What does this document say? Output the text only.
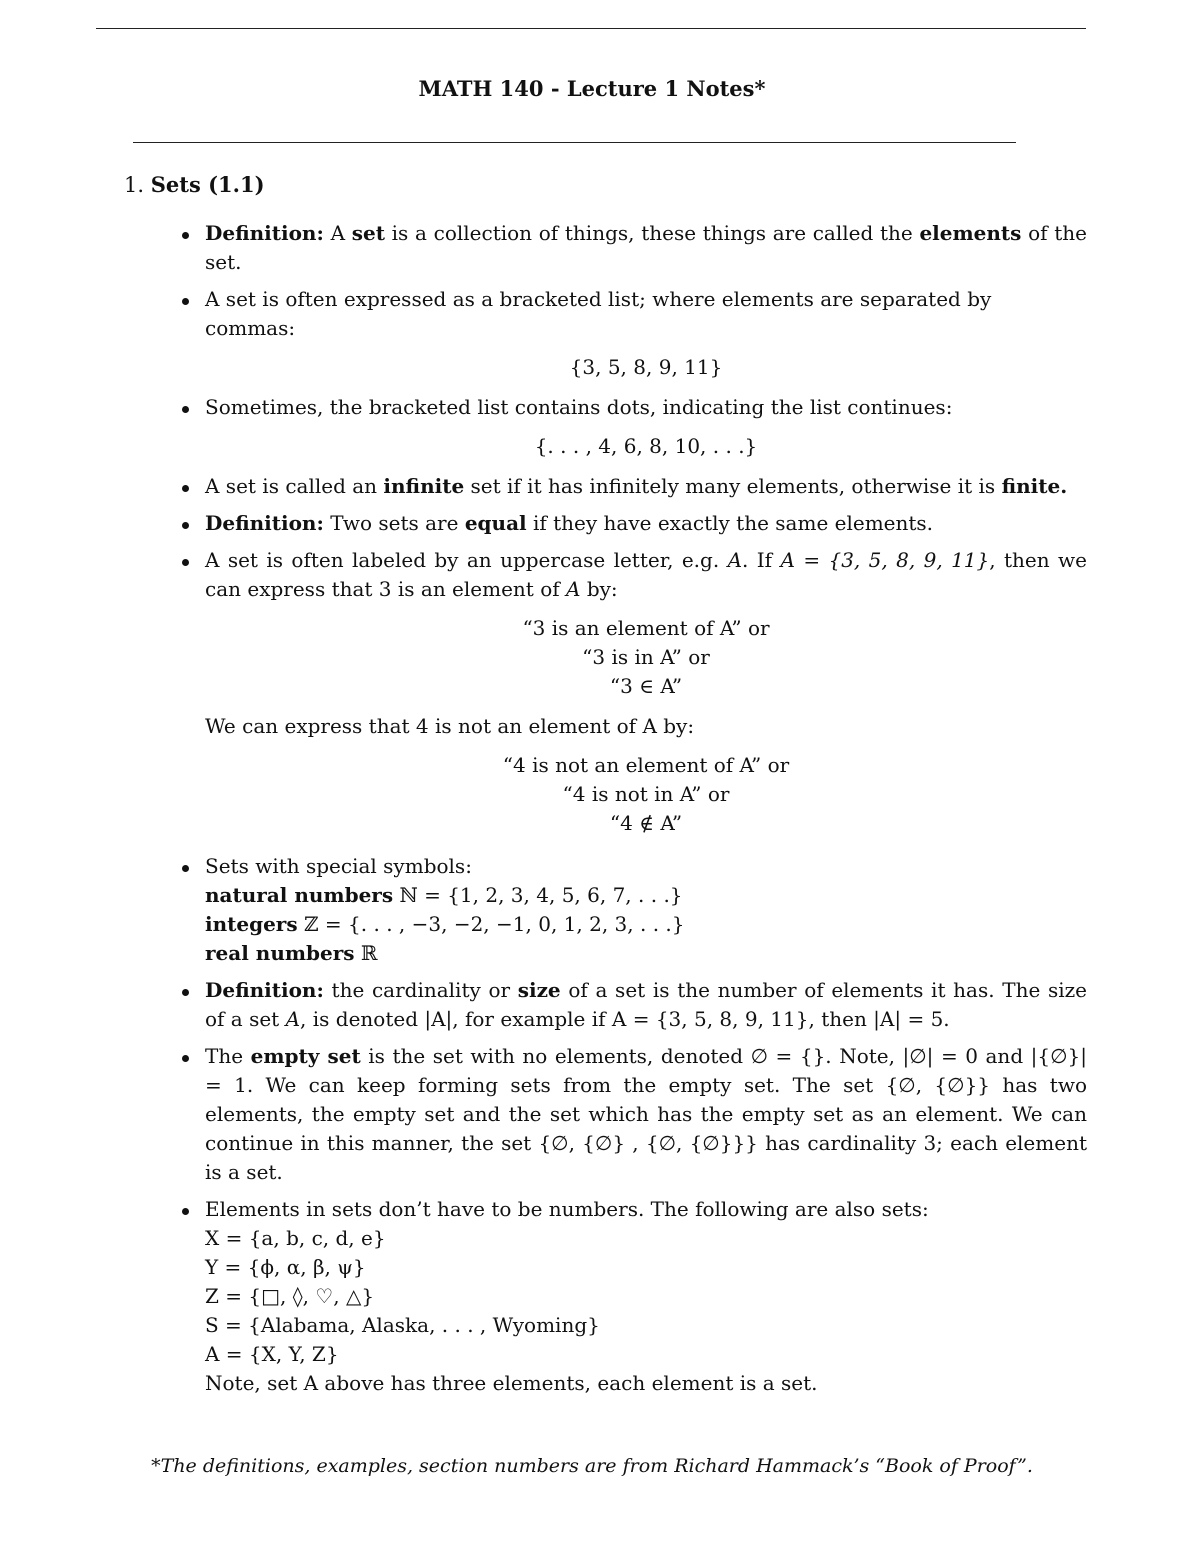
MATH 140 - Lecture 1 Notes*
1. Sets (1.1)
Definition: A set is a collection of things, these things are called the elements of the set.
A set is often expressed as a bracketed list; where elements are separated by commas:
{3, 5, 8, 9, 11}
Sometimes, the bracketed list contains dots, indicating the list continues:
{. . . , 4, 6, 8, 10, . . .}
A set is called an infinite set if it has infinitely many elements, otherwise it is finite.
Definition: Two sets are equal if they have exactly the same elements.
A set is often labeled by an uppercase letter, e.g. A. If A = {3, 5, 8, 9, 11}, then we can express that 3 is an element of A by:
“3 is an element of A” or
“3 is in A” or
“3 ∈ A”
We can express that 4 is not an element of A by:
“4 is not an element of A” or
“4 is not in A” or
“4 ∉ A”
Sets with special symbols:
natural numbers ℕ = {1, 2, 3, 4, 5, 6, 7, . . .}
integers ℤ = {. . . , −3, −2, −1, 0, 1, 2, 3, . . .}
real numbers ℝ
Definition: the cardinality or size of a set is the number of elements it has. The size of a set A, is denoted |A|, for example if A = {3, 5, 8, 9, 11}, then |A| = 5.
The empty set is the set with no elements, denoted ∅ = {}. Note, |∅| = 0 and |{∅}| = 1. We can keep forming sets from the empty set. The set {∅, {∅}} has two elements, the empty set and the set which has the empty set as an element. We can continue in this manner, the set {∅, {∅} , {∅, {∅}}} has cardinality 3; each element is a set.
Elements in sets don’t have to be numbers. The following are also sets:
X = {a, b, c, d, e}
Y = {ϕ, α, β, ψ}
Z = {□, ◊, ♡, △}
S = {Alabama, Alaska, . . . , Wyoming}
A = {X, Y, Z}
Note, set A above has three elements, each element is a set.
*The definitions, examples, section numbers are from Richard Hammack’s “Book of Proof”.
